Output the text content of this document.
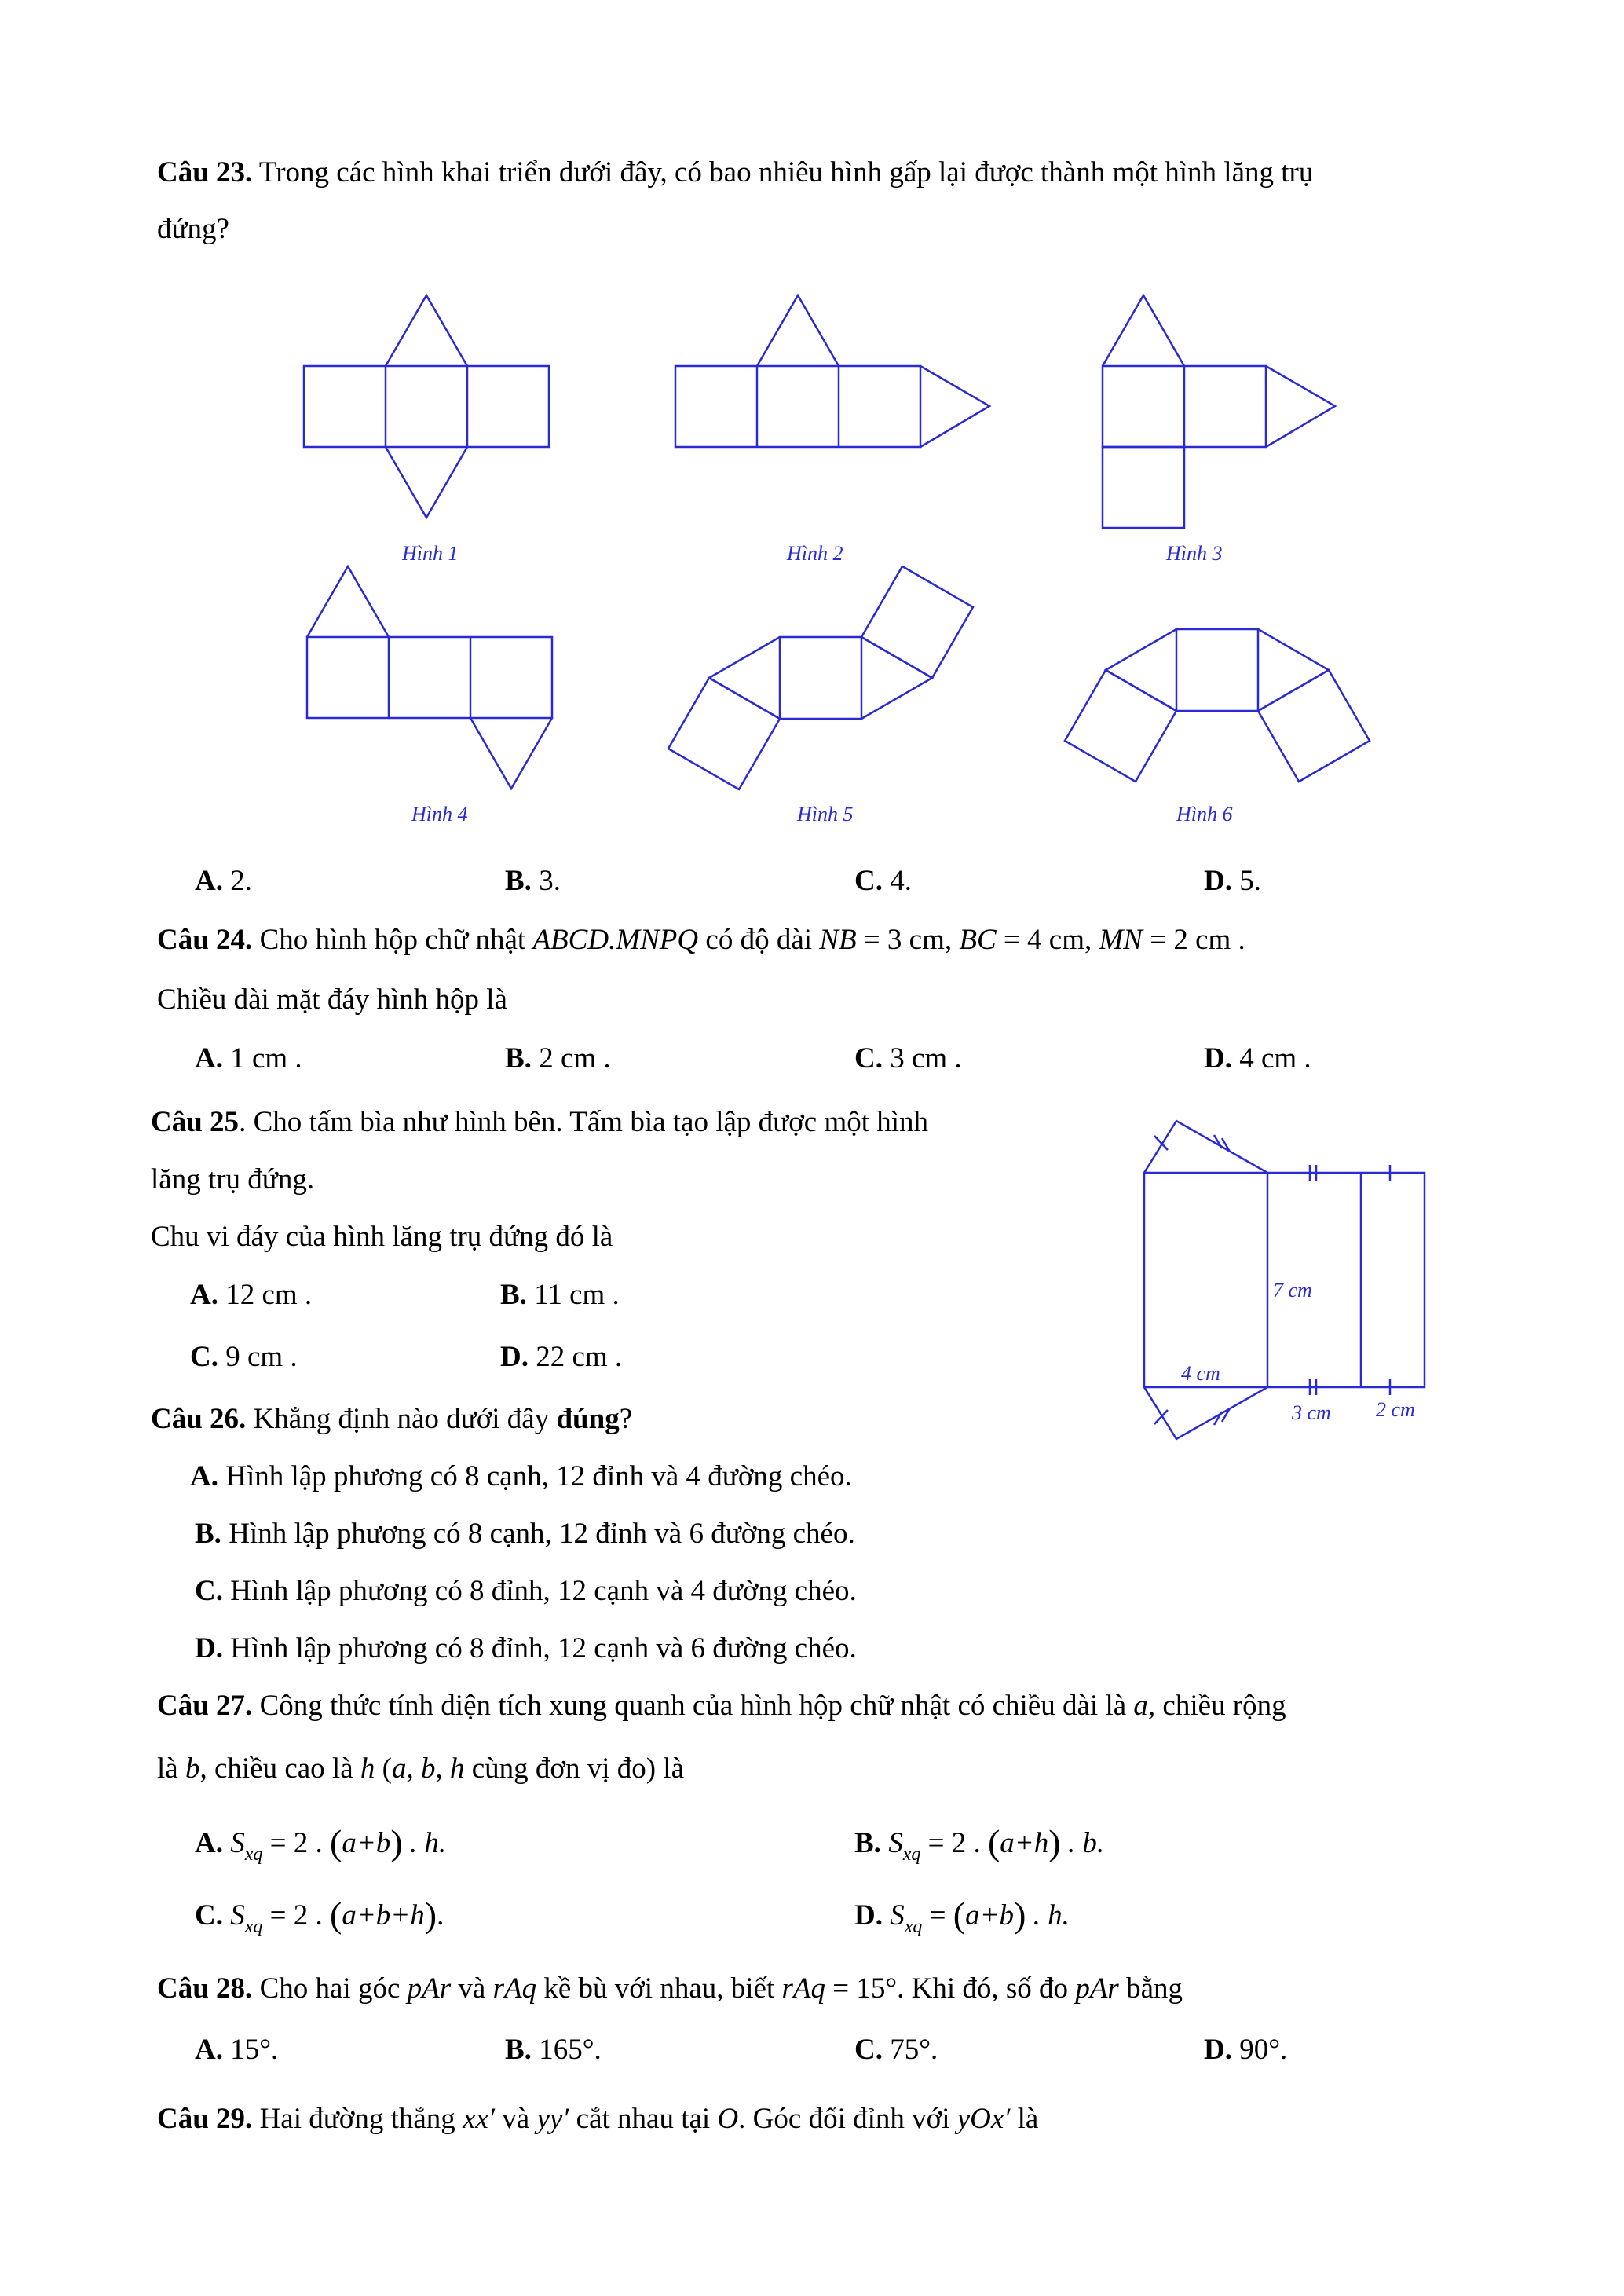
Câu 23. Trong các hình khai triển dưới đây, có bao nhiêu hình gấp lại được thành một hình lăng trụ
đứng?
Hình 1	Hình 2	Hình 3
Hình 4	Hình 5	Hình 6
A. 2.	B. 3.	C. 4.	D. 5.
Câu 24. Cho hình hộp chữ nhật ABCD.MNPQ có độ dài NB = 3 cm, BC = 4 cm, MN = 2 cm .
Chiều dài mặt đáy hình hộp là
A. 1 cm .	B. 2 cm .	C. 3 cm .	D. 4 cm .
Câu 25. Cho tấm bìa như hình bên. Tấm bìa tạo lập được một hình
lăng trụ đứng.
Chu vi đáy của hình lăng trụ đứng đó là
A. 12 cm .	B. 11 cm .
C. 9 cm .	D. 22 cm .
7 cm
4 cm
3 cm 2 cm
Câu 26. Khẳng định nào dưới đây đúng?
A. Hình lập phương có 8 cạnh, 12 đỉnh và 4 đường chéo.
B. Hình lập phương có 8 cạnh, 12 đỉnh và 6 đường chéo.
C. Hình lập phương có 8 đỉnh, 12 cạnh và 4 đường chéo.
D. Hình lập phương có 8 đỉnh, 12 cạnh và 6 đường chéo.
Câu 27. Công thức tính diện tích xung quanh của hình hộp chữ nhật có chiều dài là a, chiều rộng
là b, chiều cao là h (a, b, h cùng đơn vị đo) là
A. $S_{xq} = 2$ . (a+b) . h.	B. $S_{xq} = 2$ . (a+h) . b.
C. $S_{xq} = 2$ . (a+b+h).	D. $S_{xq} = (a+b)$ . h.
Câu 28. Cho hai góc pAr và rAq kề bù với nhau, biết rAq = 15°. Khi đó, số đo pAr bằng
A. 15°.	B. 165°.	C. 75°.	D. 90°.
Câu 29. Hai đường thẳng xx′ và yy′ cắt nhau tại O. Góc đối đỉnh với yOx′ là
